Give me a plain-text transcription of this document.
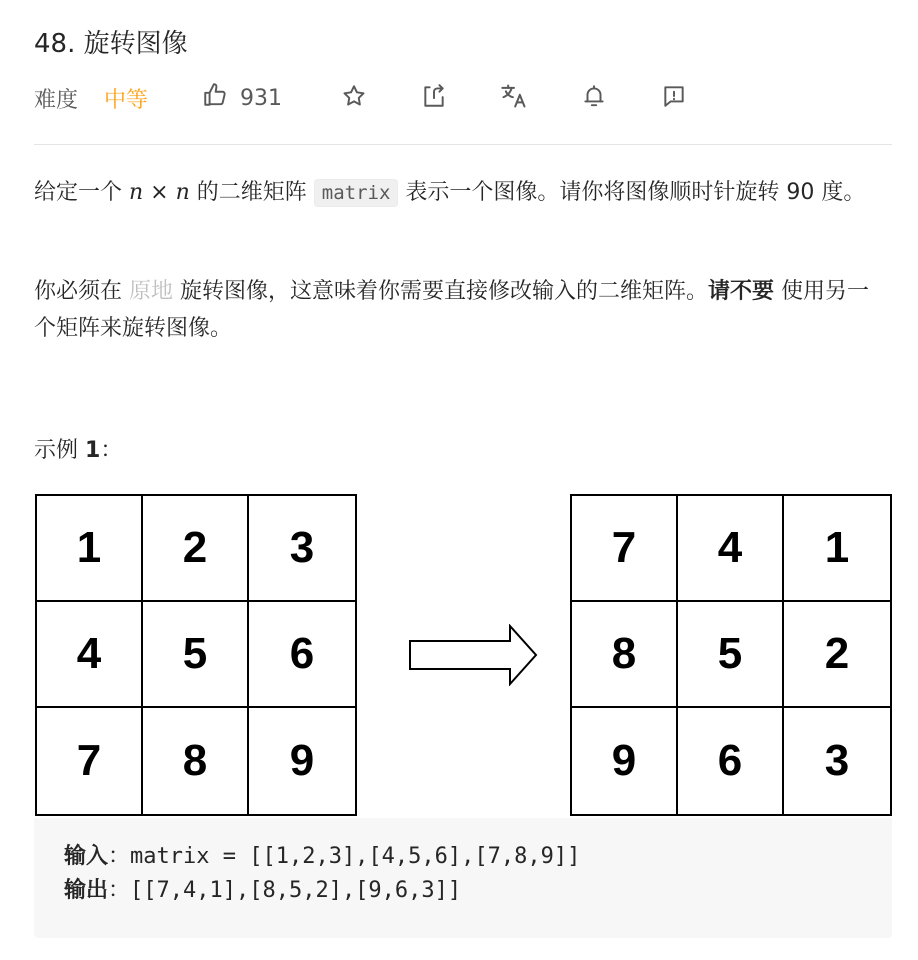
48. 旋转图像
难度 中等	931
给定一个 n × n 的二维矩阵 matrix 表示一个图像。请你将图像顺时针旋转 90 度。
你必须在 原地 旋转图像，这意味着你需要直接修改输入的二维矩阵。请不要 使用另一个矩阵来旋转图像。
示例 1：
1	2	3
4	5	6
7	8	9
7	4	1
8	5	2
9	6	3
输入：matrix = [[1,2,3],[4,5,6],[7,8,9]]
输出：[[7,4,1],[8,5,2],[9,6,3]]
